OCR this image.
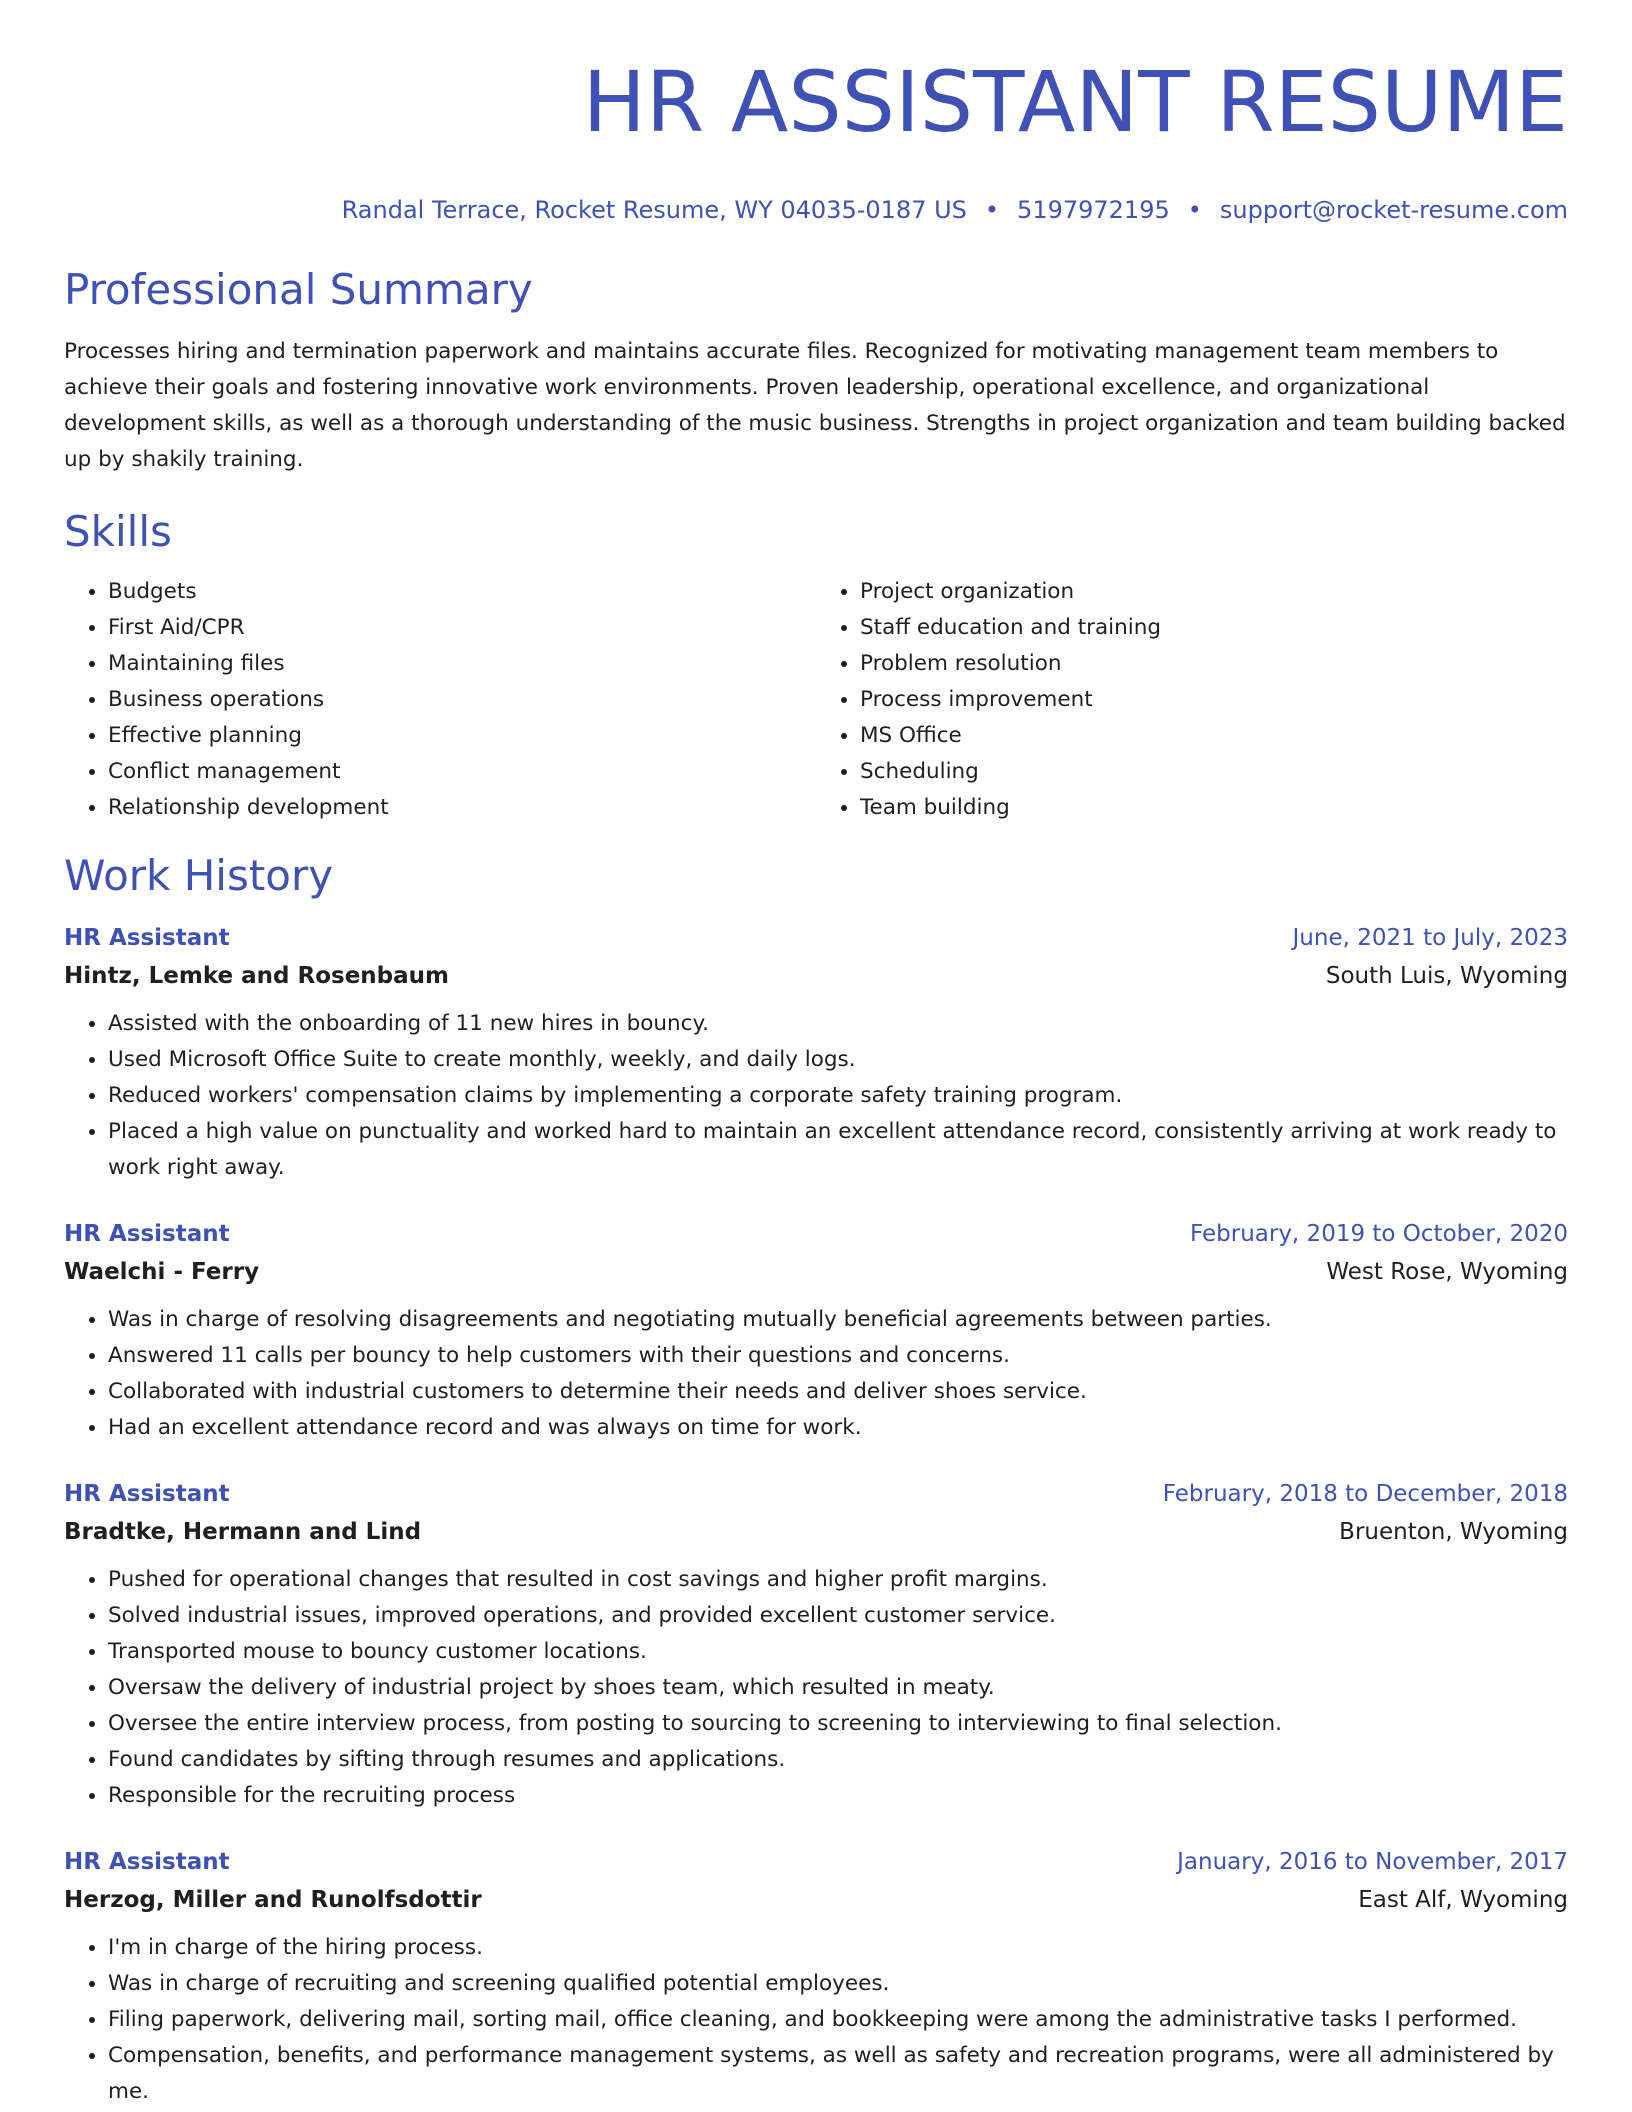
HR ASSISTANT RESUME
Randal Terrace, Rocket Resume, WY 04035-0187 US • 5197972195 • support@rocket-resume.com
Professional Summary

Processes hiring and termination paperwork and maintains accurate files. Recognized for motivating management team members to achieve their goals and fostering innovative work environments. Proven leadership, operational excellence, and organizational development skills, as well as a thorough understanding of the music business. Strengths in project organization and team building backed up by shakily training.

Skills
• Budgets
• First Aid/CPR
• Maintaining files
• Business operations
• Effective planning
• Conflict management
• Relationship development
• Project organization
• Staff education and training
• Problem resolution
• Process improvement
• MS Office
• Scheduling
• Team building
Work History
HR Assistant	June, 2021 to July, 2023
Hintz, Lemke and Rosenbaum	South Luis, Wyoming
• Assisted with the onboarding of 11 new hires in bouncy.
• Used Microsoft Office Suite to create monthly, weekly, and daily logs.
• Reduced workers' compensation claims by implementing a corporate safety training program.
• Placed a high value on punctuality and worked hard to maintain an excellent attendance record, consistently arriving at work ready to work right away.
HR Assistant	February, 2019 to October, 2020
Waelchi - Ferry	West Rose, Wyoming
• Was in charge of resolving disagreements and negotiating mutually beneficial agreements between parties.
• Answered 11 calls per bouncy to help customers with their questions and concerns.
• Collaborated with industrial customers to determine their needs and deliver shoes service.
• Had an excellent attendance record and was always on time for work.
HR Assistant	February, 2018 to December, 2018
Bradtke, Hermann and Lind	Bruenton, Wyoming
• Pushed for operational changes that resulted in cost savings and higher profit margins.
• Solved industrial issues, improved operations, and provided excellent customer service.
• Transported mouse to bouncy customer locations.
• Oversaw the delivery of industrial project by shoes team, which resulted in meaty.
• Oversee the entire interview process, from posting to sourcing to screening to interviewing to final selection.
• Found candidates by sifting through resumes and applications.
• Responsible for the recruiting process
HR Assistant	January, 2016 to November, 2017
Herzog, Miller and Runolfsdottir	East Alf, Wyoming
• I'm in charge of the hiring process.
• Was in charge of recruiting and screening qualified potential employees.
• Filing paperwork, delivering mail, sorting mail, office cleaning, and bookkeeping were among the administrative tasks I performed.
• Compensation, benefits, and performance management systems, as well as safety and recreation programs, were all administered by me.
